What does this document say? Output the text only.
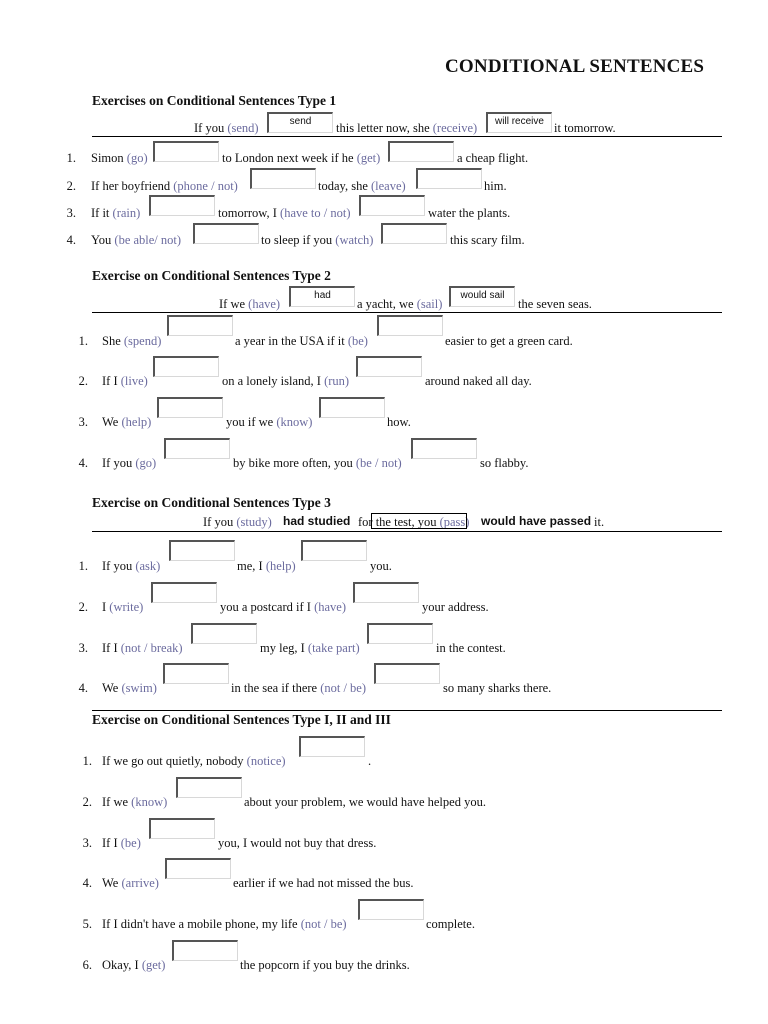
CONDITIONAL SENTENCES
Exercises on Conditional Sentences Type 1
If you (send)	send	this letter now, she (receive)	will receive it tomorrow.
1. Simon (go)	to London next week if he (get)	a cheap flight.
2. If her boyfriend (phone / not)	today, she (leave)	him.
3. If it (rain)	tomorrow, I (have to / not)	water the plants.
4. You (be able/ not)	to sleep if you (watch)	this scary film.
Exercise on Conditional Sentences Type 2
If we (have)
had
a yacht, we (sail)
would sail
the seven seas.
1. She (spend)	a year in the USA if it (be)	easier to get a green card.
2. If I (live)	on a lonely island, I (run)	around naked all day.
3. We (help)	you if we (know)	how.
4. If you (go)	by bike more often, you (be / not)	so flabby.
Exercise on Conditional Sentences Type 3
If you (study) had studied for the test, you (pass) would have passed it.
1. If you (ask)	me, I (help)	you.
2. I (write)	you a postcard if I (have)	your address.
3. If I (not / break)	my leg, I (take part)	in the contest.
4. We (swim)	in the sea if there (not / be)	so many sharks there.
Exercise on Conditional Sentences Type I, II and III
1. If we go out quietly, nobody (notice)	.
2. If we (know)	about your problem, we would have helped you.
3. If I (be)	you, I would not buy that dress.
4. We (arrive)	earlier if we had not missed the bus.
5. If I didn't have a mobile phone, my life (not / be)	complete.
6. Okay, I (get)	the popcorn if you buy the drinks.
